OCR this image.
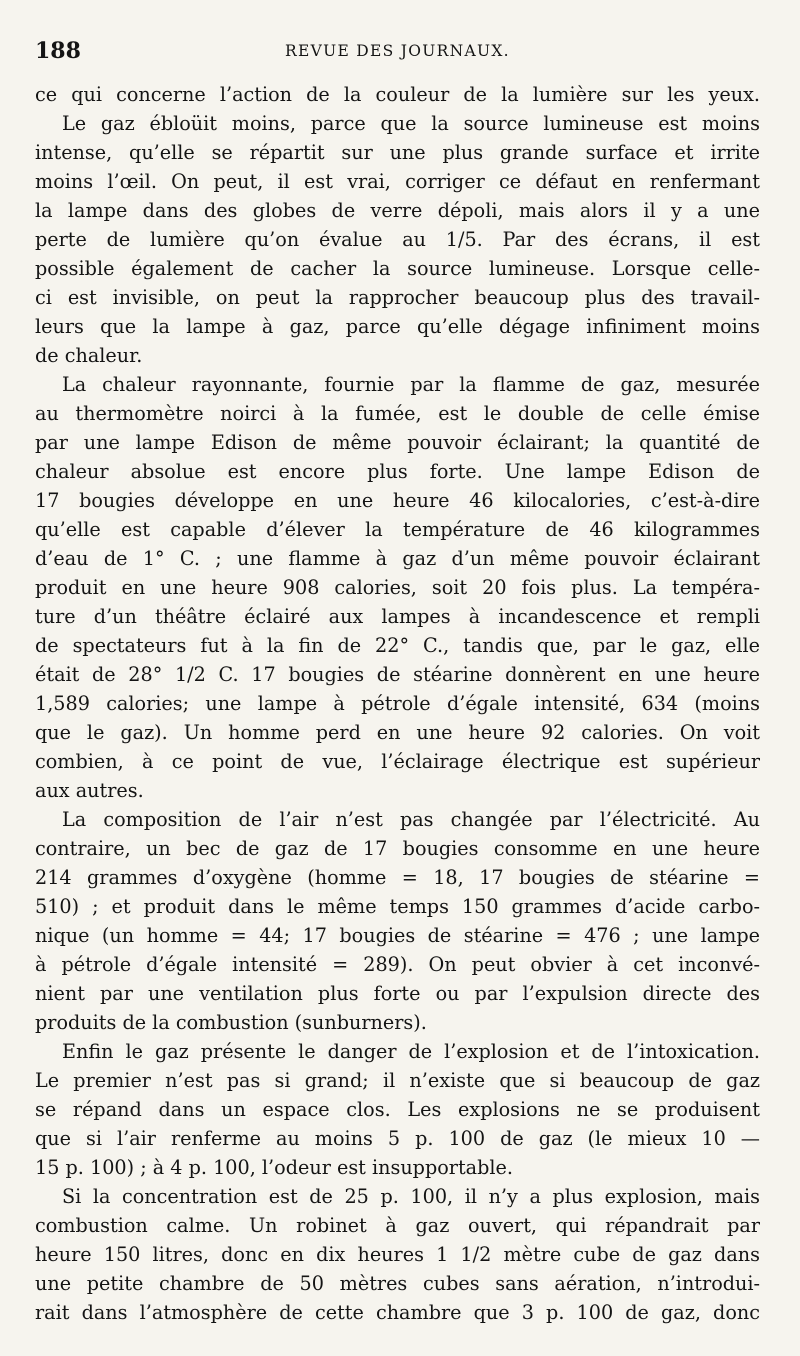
188	REVUE DES JOURNAUX.
ce qui concerne l’action de la couleur de la lumière sur les yeux.
Le gaz ébloüit moins, parce que la source lumineuse est moins
intense, qu’elle se répartit sur une plus grande surface et irrite
moins l’œil. On peut, il est vrai, corriger ce défaut en renfermant
la lampe dans des globes de verre dépoli, mais alors il y a une
perte de lumière qu’on évalue au 1/5. Par des écrans, il est
possible également de cacher la source lumineuse. Lorsque celle-
ci est invisible, on peut la rapprocher beaucoup plus des travail-
leurs que la lampe à gaz, parce qu’elle dégage infiniment moins
de chaleur.
La chaleur rayonnante, fournie par la flamme de gaz, mesurée
au thermomètre noirci à la fumée, est le double de celle émise
par une lampe Edison de même pouvoir éclairant; la quantité de
chaleur absolue est encore plus forte. Une lampe Edison de
17 bougies développe en une heure 46 kilocalories, c’est-à-dire
qu’elle est capable d’élever la température de 46 kilogrammes
d’eau de 1° C. ; une flamme à gaz d’un même pouvoir éclairant
produit en une heure 908 calories, soit 20 fois plus. La tempéra-
ture d’un théâtre éclairé aux lampes à incandescence et rempli
de spectateurs fut à la fin de 22° C., tandis que, par le gaz, elle
était de 28° 1/2 C. 17 bougies de stéarine donnèrent en une heure
1,589 calories; une lampe à pétrole d’égale intensité, 634 (moins
que le gaz). Un homme perd en une heure 92 calories. On voit
combien, à ce point de vue, l’éclairage électrique est supérieur
aux autres.
La composition de l’air n’est pas changée par l’électricité. Au
contraire, un bec de gaz de 17 bougies consomme en une heure
214 grammes d’oxygène (homme = 18, 17 bougies de stéarine =
510) ; et produit dans le même temps 150 grammes d’acide carbo-
nique (un homme = 44; 17 bougies de stéarine = 476 ; une lampe
à pétrole d’égale intensité = 289). On peut obvier à cet inconvé-
nient par une ventilation plus forte ou par l’expulsion directe des
produits de la combustion (sunburners).
Enfin le gaz présente le danger de l’explosion et de l’intoxication.
Le premier n’est pas si grand; il n’existe que si beaucoup de gaz
se répand dans un espace clos. Les explosions ne se produisent
que si l’air renferme au moins 5 p. 100 de gaz (le mieux 10 —
15 p. 100) ; à 4 p. 100, l’odeur est insupportable.
Si la concentration est de 25 p. 100, il n’y a plus explosion, mais
combustion calme. Un robinet à gaz ouvert, qui répandrait par
heure 150 litres, donc en dix heures 1 1/2 mètre cube de gaz dans
une petite chambre de 50 mètres cubes sans aération, n’introdui-
rait dans l’atmosphère de cette chambre que 3 p. 100 de gaz, donc
